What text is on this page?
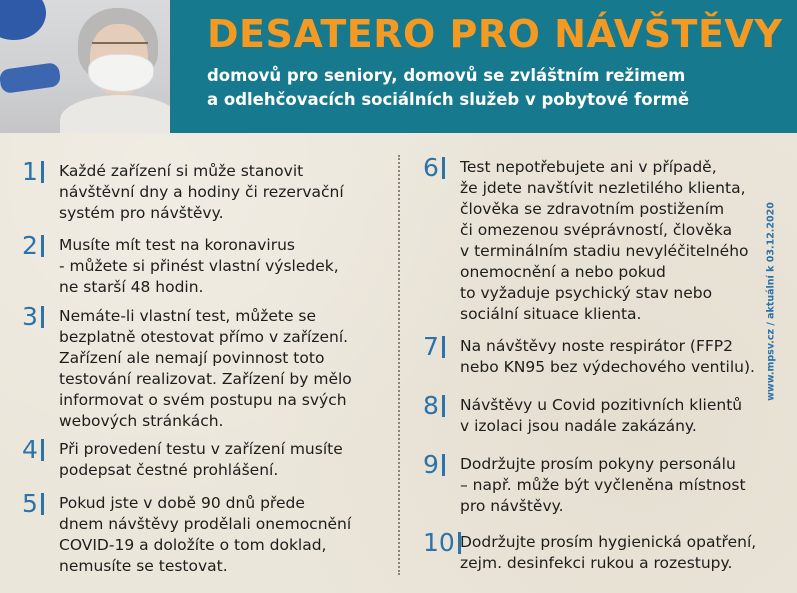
DESATERO PRO NÁVŠTĚVY

domovů pro seniory, domovů se zvláštním režimem
a odlehčovacích sociálních služeb v pobytové formě

1	Každé zařízení si může stanovit
návštěvní dny a hodiny či rezervační
systém pro návštěvy.

2	Musíte mít test na koronavirus
- můžete si přinést vlastní výsledek,
ne starší 48 hodin.

3	Nemáte-li vlastní test, můžete se
bezplatně otestovat přímo v zařízení.
Zařízení ale nemají povinnost toto
testování realizovat. Zařízení by mělo
informovat o svém postupu na svých
webových stránkách.

4	Při provedení testu v zařízení musíte
podepsat čestné prohlášení.

5	Pokud jste v době 90 dnů přede
dnem návštěvy prodělali onemocnění
COVID-19 a doložíte o tom doklad,
nemusíte se testovat.

6	Test nepotřebujete ani v případě,
že jdete navštívit nezletilého klienta,
člověka se zdravotním postižením
či omezenou svéprávností, člověka
v terminálním stadiu nevyléčitelného
onemocnění a nebo pokud
to vyžaduje psychický stav nebo
sociální situace klienta.

7	Na návštěvy noste respirátor (FFP2
nebo KN95 bez výdechového ventilu).

8	Návštěvy u Covid pozitivních klientů
v izolaci jsou nadále zakázány.

9	Dodržujte prosím pokyny personálu
– např. může být vyčleněna místnost
pro návštěvy.

10 Dodržujte prosím hygienická opatření,
zejm. desinfekci rukou a rozestupy.

www.mpsv.cz / aktuální k 03.12.2020
